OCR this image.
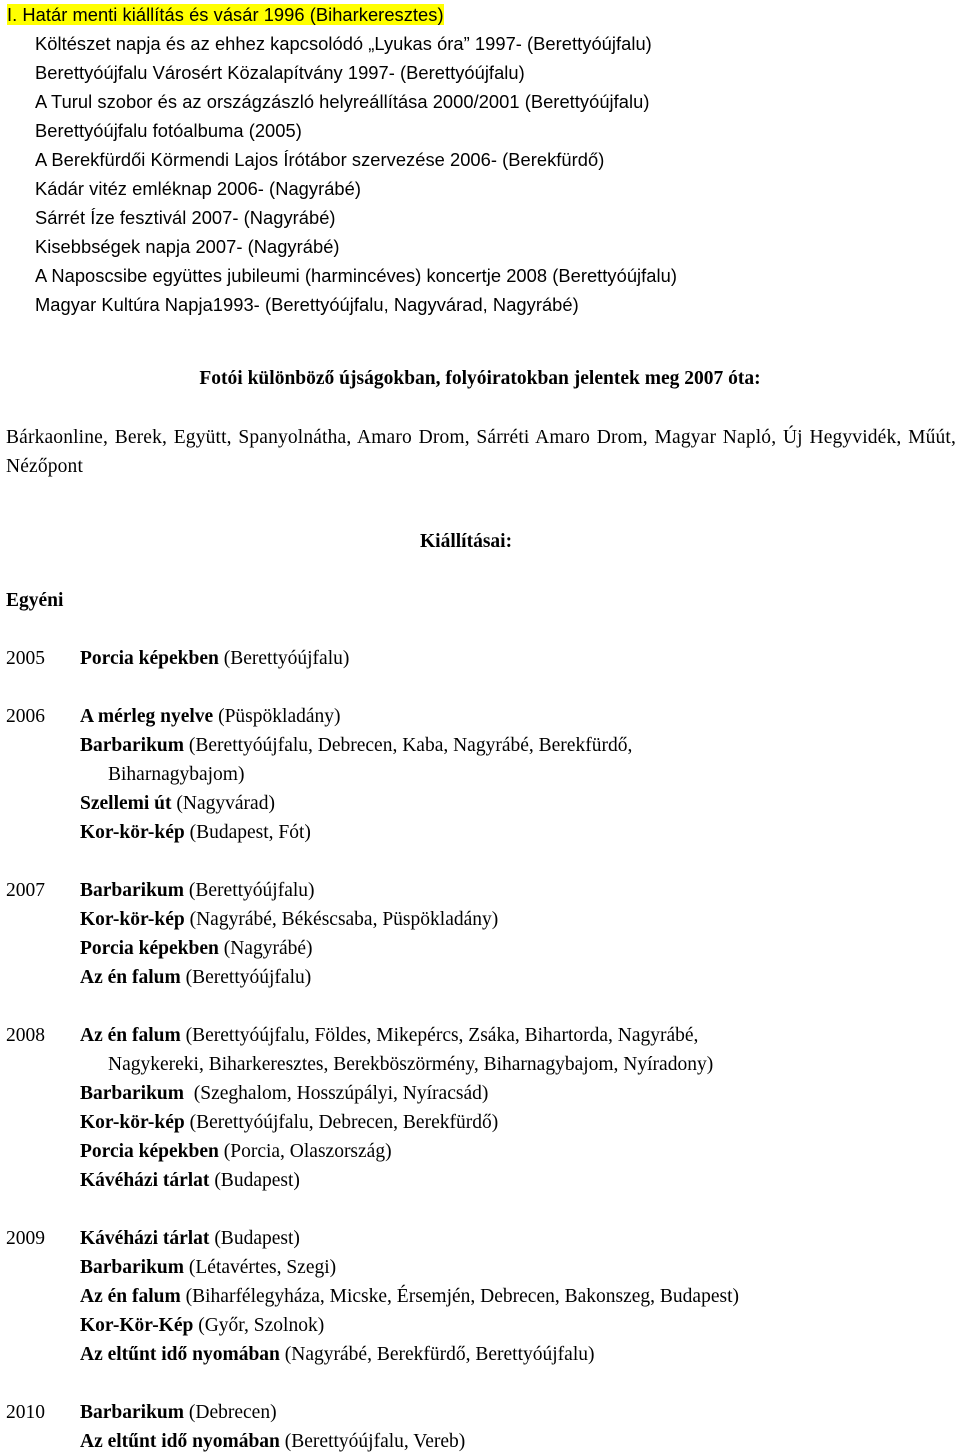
I. Határ menti kiállítás és vásár 1996 (Biharkeresztes)
Költészet napja és az ehhez kapcsolódó „Lyukas óra” 1997- (Berettyóújfalu)
Berettyóújfalu Városért Közalapítvány 1997- (Berettyóújfalu)
A Turul szobor és az országzászló helyreállítása 2000/2001 (Berettyóújfalu)
Berettyóújfalu fotóalbuma (2005)
A Berekfürdői Körmendi Lajos Írótábor szervezése 2006- (Berekfürdő)
Kádár vitéz emléknap 2006- (Nagyrábé)
Sárrét Íze fesztivál 2007- (Nagyrábé)
Kisebbségek napja 2007- (Nagyrábé)
A Naposcsibe együttes jubileumi (harmincéves) koncertje 2008 (Berettyóújfalu)
Magyar Kultúra Napja1993- (Berettyóújfalu, Nagyvárad, Nagyrábé)
Fotói különböző újságokban, folyóiratokban jelentek meg 2007 óta:
Bárkaonline, Berek, Együtt, Spanyolnátha, Amaro Drom, Sárréti Amaro Drom, Magyar Napló, Új Hegyvidék, Műút, Nézőpont
Kiállításai:
Egyéni
2005 Porcia képekben (Berettyóújfalu)
2006 A mérleg nyelve (Püspökladány)
Barbarikum (Berettyóújfalu, Debrecen, Kaba, Nagyrábé, Berekfürdő,
Biharnagybajom)
Szellemi út (Nagyvárad)
Kor-kör-kép (Budapest, Fót)
2007 Barbarikum (Berettyóújfalu)
Kor-kör-kép (Nagyrábé, Békéscsaba, Püspökladány)
Porcia képekben (Nagyrábé)
Az én falum (Berettyóújfalu)
2008 Az én falum (Berettyóújfalu, Földes, Mikepércs, Zsáka, Bihartorda, Nagyrábé,
Nagykereki, Biharkeresztes, Berekböszörmény, Biharnagybajom, Nyíradony)
Barbarikum  (Szeghalom, Hosszúpályi, Nyíracsád)
Kor-kör-kép (Berettyóújfalu, Debrecen, Berekfürdő)
Porcia képekben (Porcia, Olaszország)
Kávéházi tárlat (Budapest)
2009 Kávéházi tárlat (Budapest)
Barbarikum (Létavértes, Szegi)
Az én falum (Biharfélegyháza, Micske, Érsemjén, Debrecen, Bakonszeg, Budapest)
Kor-Kör-Kép (Győr, Szolnok)
Az eltűnt idő nyomában (Nagyrábé, Berekfürdő, Berettyóújfalu)
2010 Barbarikum (Debrecen)
Az eltűnt idő nyomában (Berettyóújfalu, Vereb)
